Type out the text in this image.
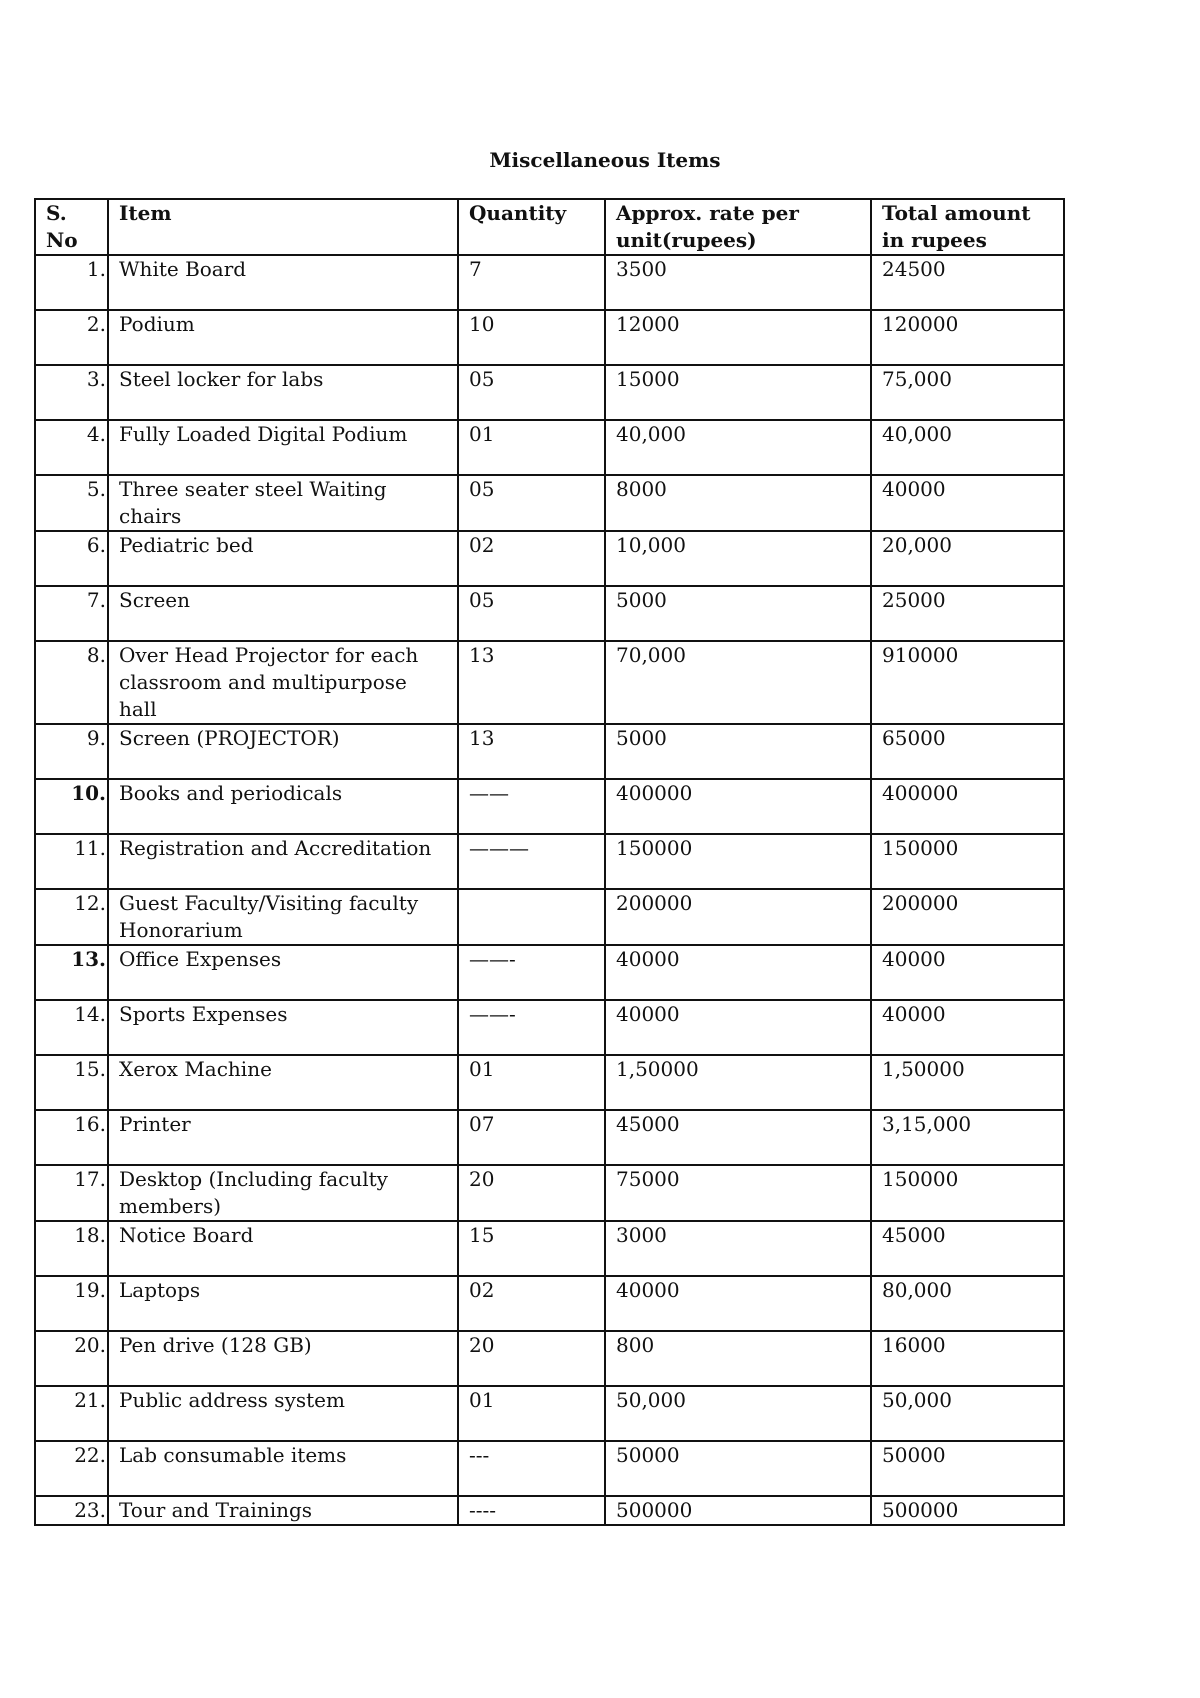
Miscellaneous Items
S. No	Item	Quantity	Approx. rate per unit(rupees)	Total amount in rupees
1.	White Board	7	3500	24500
2.	Podium	10	12000	120000
3.	Steel locker for labs	05	15000	75,000
4.	Fully Loaded Digital Podium	01	40,000	40,000
5.	Three seater steel Waiting chairs	05	8000	40000
6.	Pediatric bed	02	10,000	20,000
7.	Screen	05	5000	25000
8.	Over Head Projector for each classroom and multipurpose hall	13	70,000	910000
9.	Screen (PROJECTOR)	13	5000	65000
10.	Books and periodicals	——	400000	400000
11.	Registration and Accreditation	———	150000	150000
12.	Guest Faculty/Visiting faculty Honorarium		200000	200000
13.	Office Expenses	——-	40000	40000
14.	Sports Expenses	——-	40000	40000
15.	Xerox Machine	01	1,50000	1,50000
16.	Printer	07	45000	3,15,000
17.	Desktop (Including faculty members)	20	75000	150000
18.	Notice Board	15	3000	45000
19.	Laptops	02	40000	80,000
20.	Pen drive (128 GB)	20	800	16000
21.	Public address system	01	50,000	50,000
22.	Lab consumable items	---	50000	50000
23.	Tour and Trainings	----	500000	500000
